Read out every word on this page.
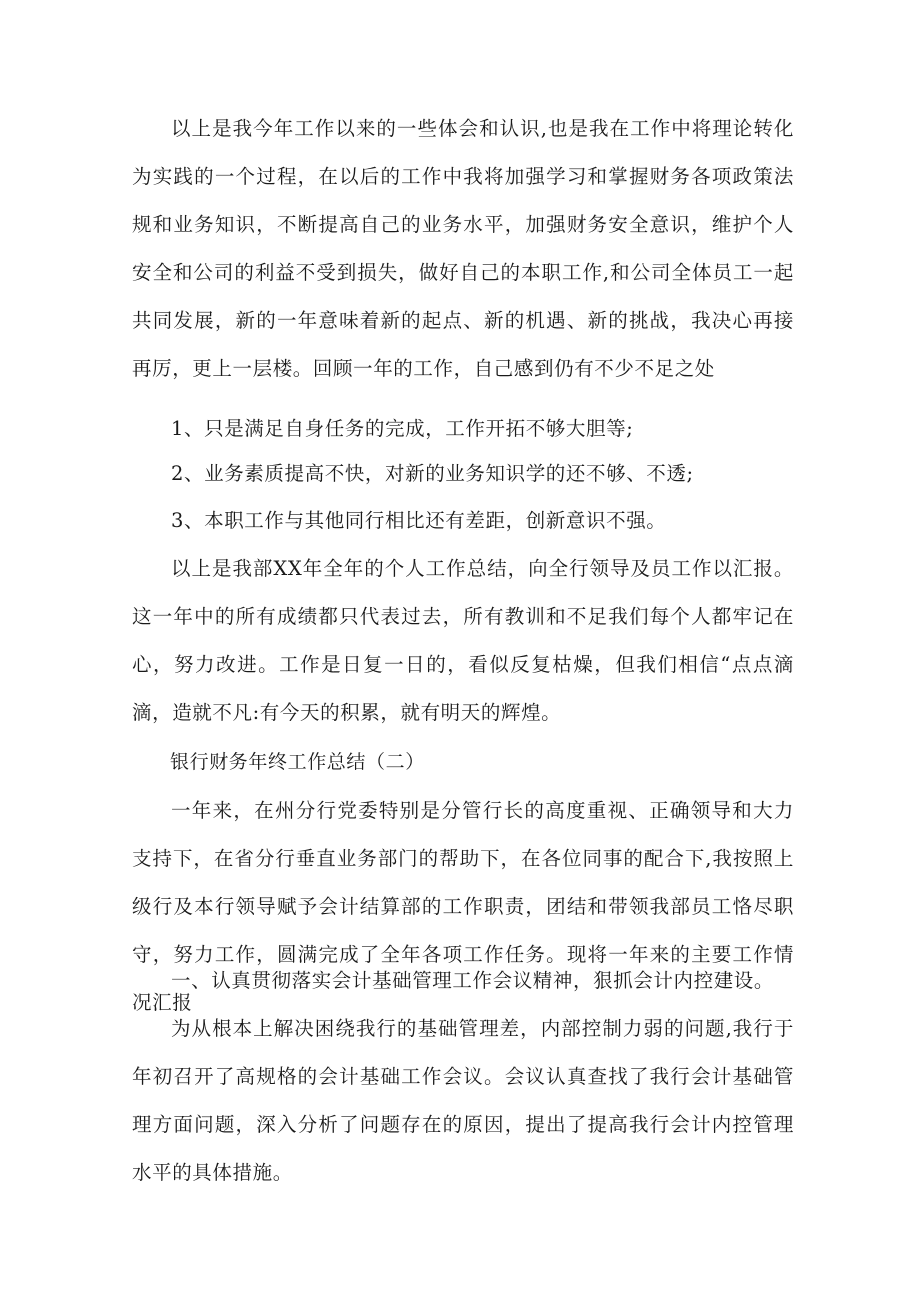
以上是我今年工作以来的一些体会和认识,也是我在工作中将理论转化为实践的一个过程，在以后的工作中我将加强学习和掌握财务各项政策法规和业务知识，不断提高自己的业务水平，加强财务安全意识，维护个人安全和公司的利益不受到损失，做好自己的本职工作,和公司全体员工一起共同发展，新的一年意味着新的起点、新的机遇、新的挑战，我决心再接再厉，更上一层楼。回顾一年的工作，自己感到仍有不少不足之处

1、只是满足自身任务的完成，工作开拓不够大胆等;

2、业务素质提高不快，对新的业务知识学的还不够、不透;

3、本职工作与其他同行相比还有差距，创新意识不强。

以上是我部XX年全年的个人工作总结，向全行领导及员工作以汇报。这一年中的所有成绩都只代表过去，所有教训和不足我们每个人都牢记在心，努力改进。工作是日复一日的，看似反复枯燥，但我们相信“点点滴滴，造就不凡:有今天的积累，就有明天的辉煌。

银行财务年终工作总结（二）

一年来，在州分行党委特别是分管行长的高度重视、正确领导和大力支持下，在省分行垂直业务部门的帮助下，在各位同事的配合下,我按照上级行及本行领导赋予会计结算部的工作职责，团结和带领我部员工恪尽职守，努力工作，圆满完成了全年各项工作任务。现将一年来的主要工作情况汇报

一、认真贯彻落实会计基础管理工作会议精神，狠抓会计内控建设。

为从根本上解决困绕我行的基础管理差，内部控制力弱的问题,我行于年初召开了高规格的会计基础工作会议。会议认真查找了我行会计基础管理方面问题，深入分析了问题存在的原因，提出了提高我行会计内控管理水平的具体措施。
